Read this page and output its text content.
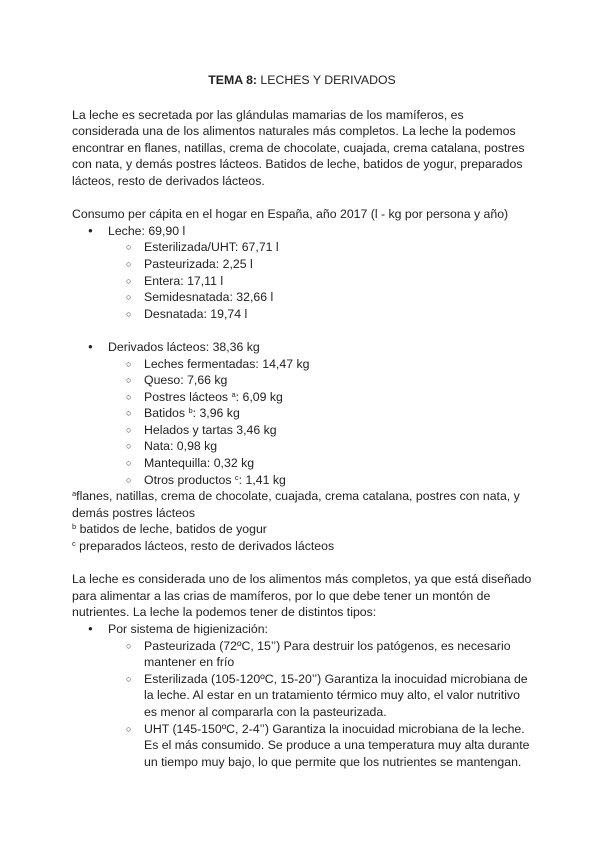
TEMA 8: LECHES Y DERIVADOS

La leche es secretada por las glándulas mamarias de los mamíferos, es considerada una de los alimentos naturales más completos. La leche la podemos encontrar en flanes, natillas, crema de chocolate, cuajada, crema catalana, postres con nata, y demás postres lácteos. Batidos de leche, batidos de yogur, preparados lácteos, resto de derivados lácteos.

Consumo per cápita en el hogar en España, año 2017 (l - kg por persona y año)

● Leche: 69,90 l
○ Esterilizada/UHT: 67,71 l
○ Pasteurizada: 2,25 l
○ Entera: 17,11 l
○ Semidesnatada: 32,66 l
○ Desnatada: 19,74 l
● Derivados lácteos: 38,36 kg
○ Leches fermentadas: 14,47 kg
○ Queso: 7,66 kg
○ Postres lácteos $^a$: 6,09 kg
○ Batidos $^b$: 3,96 kg
○ Helados y tartas 3,46 kg
○ Nata: 0,98 kg
○ Mantequilla: 0,32 kg
○ Otros productos $^c$: 1,41 kg

$^a$flanes, natillas, crema de chocolate, cuajada, crema catalana, postres con nata, y demás postres lácteos

$^b$ batidos de leche, batidos de yogur

$^c$ preparados lácteos, resto de derivados lácteos

La leche es considerada uno de los alimentos más completos, ya que está diseñado para alimentar a las crias de mamíferos, por lo que debe tener un montón de nutrientes. La leche la podemos tener de distintos tipos:

● Por sistema de higienización:
○ Pasteurizada (72ºC, 15’’) Para destruir los patógenos, es necesario mantener en frío
○ Esterilizada (105-120ºC, 15-20’’) Garantiza la inocuidad microbiana de la leche. Al estar en un tratamiento térmico muy alto, el valor nutritivo es menor al compararla con la pasteurizada.
○ UHT (145-150ºC, 2-4’’) Garantiza la inocuidad microbiana de la leche. Es el más consumido. Se produce a una temperatura muy alta durante un tiempo muy bajo, lo que permite que los nutrientes se mantengan.
